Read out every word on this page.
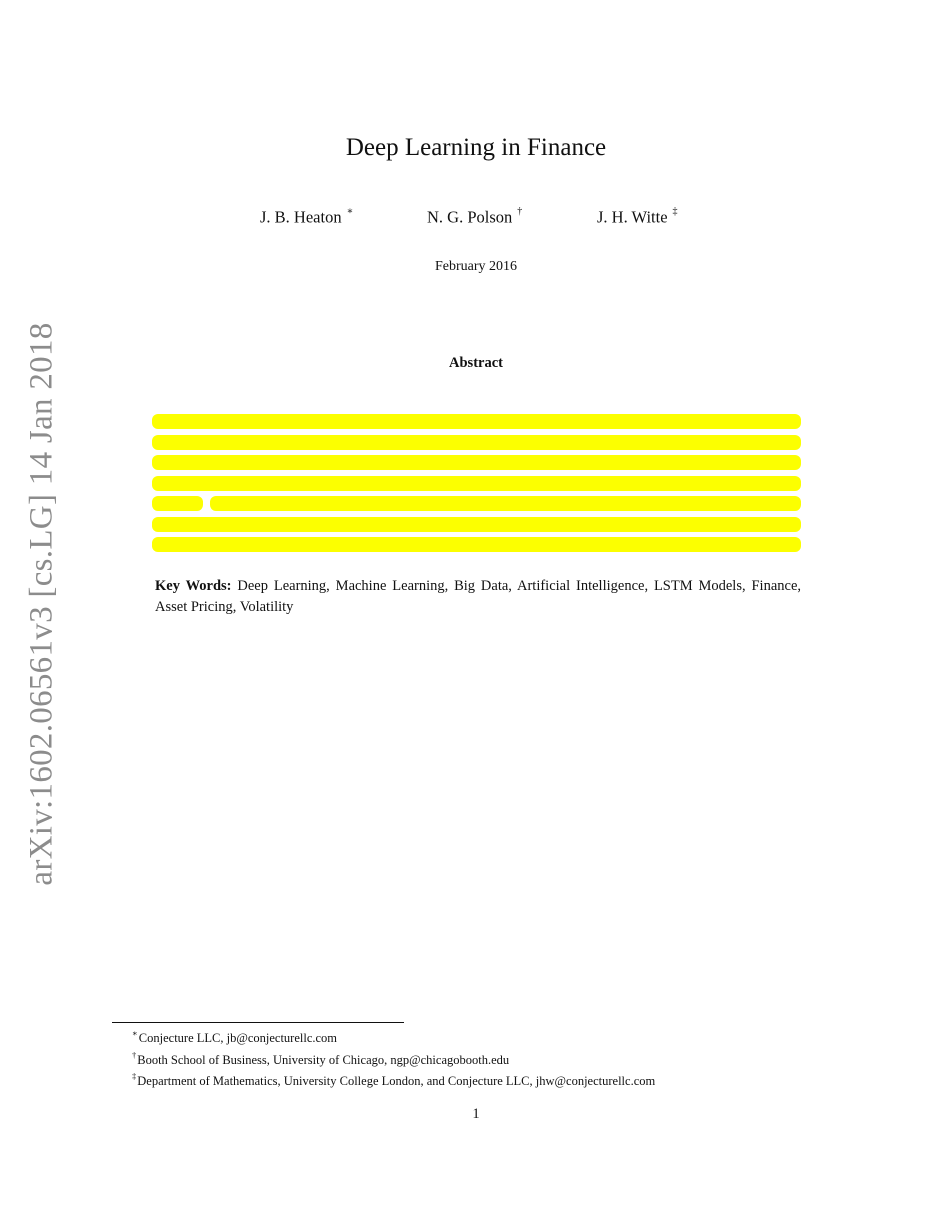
arXiv:1602.06561v3 [cs.LG] 14 Jan 2018
Deep Learning in Finance
J. B. Heaton ∗	N. G. Polson †	J. H. Witte ‡
February 2016
Abstract
Key Words: Deep Learning, Machine Learning, Big Data, Artificial Intelligence, LSTM Models, Finance, Asset Pricing, Volatility
∗Conjecture LLC, jb@conjecturellc.com
†Booth School of Business, University of Chicago, ngp@chicagobooth.edu
‡Department of Mathematics, University College London, and Conjecture LLC, jhw@conjecturellc.com
1
